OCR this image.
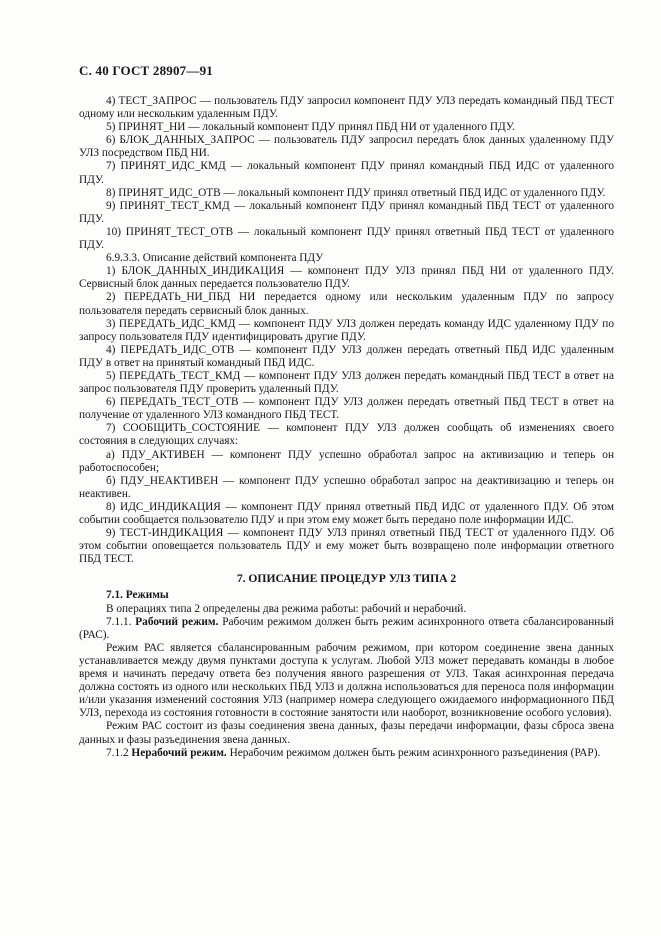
С. 40 ГОСТ 28907—91

4) ТЕСТ_ЗАПРОС — пользователь ПДУ запросил компонент ПДУ УЛЗ передать командный ПБД ТЕСТ одному или нескольким удаленным ПДУ.

5) ПРИНЯТ_НИ — локальный компонент ПДУ принял ПБД НИ от удаленного ПДУ.

6) БЛОК_ДАННЫХ_ЗАПРОС — пользователь ПДУ запросил передать блок данных удаленному ПДУ УЛЗ посредством ПБД НИ.

7) ПРИНЯТ_ИДС_КМД — локальный компонент ПДУ принял командный ПБД ИДС от удаленного ПДУ.

8) ПРИНЯТ_ИДС_ОТВ — локальный компонент ПДУ принял ответный ПБД ИДС от удаленного ПДУ.

9) ПРИНЯТ_ТЕСТ_КМД — локальный компонент ПДУ принял командный ПБД ТЕСТ от удаленного ПДУ.

10) ПРИНЯТ_ТЕСТ_ОТВ — локальный компонент ПДУ принял ответный ПБД ТЕСТ от удаленного ПДУ.

6.9.3.3. Описание действий компонента ПДУ

1) БЛОК_ДАННЫХ_ИНДИКАЦИЯ — компонент ПДУ УЛЗ принял ПБД НИ от удаленного ПДУ. Сервисный блок данных передается пользователю ПДУ.

2) ПЕРЕДАТЬ_НИ_ПБД НИ передается одному или нескольким удаленным ПДУ по запросу пользователя передать сервисный блок данных.

3) ПЕРЕДАТЬ_ИДС_КМД — компонент ПДУ УЛЗ должен передать команду ИДС удаленному ПДУ по запросу пользователя ПДУ идентифицировать другие ПДУ.

4) ПЕРЕДАТЬ_ИДС_ОТВ — компонент ПДУ УЛЗ должен передать ответный ПБД ИДС удаленным ПДУ в ответ на принятый командный ПБД ИДС.

5) ПЕРЕДАТЬ_ТЕСТ_КМД — компонент ПДУ УЛЗ должен передать командный ПБД ТЕСТ в ответ на запрос пользователя ПДУ проверить удаленный ПДУ.

6) ПЕРЕДАТЬ_ТЕСТ_ОТВ — компонент ПДУ УЛЗ должен передать ответный ПБД ТЕСТ в ответ на получение от удаленного УЛЗ командного ПБД ТЕСТ.

7) СООБЩИТЬ_СОСТОЯНИЕ — компонент ПДУ УЛЗ должен сообщать об изменениях своего состояния в следующих случаях:

а) ПДУ_АКТИВЕН — компонент ПДУ успешно обработал запрос на активизацию и теперь он работоспособен;

б) ПДУ_НЕАКТИВЕН — компонент ПДУ успешно обработал запрос на деактивизацию и теперь он неактивен.

8) ИДС_ИНДИКАЦИЯ — компонент ПДУ принял ответный ПБД ИДС от удаленного ПДУ. Об этом событии сообщается пользователю ПДУ и при этом ему может быть передано поле информации ИДС.

9) ТЕСТ-ИНДИКАЦИЯ — компонент ПДУ УЛЗ принял ответный ПБД ТЕСТ от удаленного ПДУ. Об этом событии оповещается пользователь ПДУ и ему может быть возвращено поле информации ответного ПБД ТЕСТ.

7. ОПИСАНИЕ ПРОЦЕДУР УЛЗ ТИПА 2

7.1. Режимы

В операциях типа 2 определены два режима работы: рабочий и нерабочий.

7.1.1. Рабочий режим. Рабочим режимом должен быть режим асинхронного ответа сбалансированный (РАС).

Режим РАС является сбалансированным рабочим режимом, при котором соединение звена данных устанавливается между двумя пунктами доступа к услугам. Любой УЛЗ может передавать команды в любое время и начинать передачу ответа без получения явного разрешения от УЛЗ. Такая асинхронная передача должна состоять из одного или нескольких ПБД УЛЗ и должна использоваться для переноса поля информации и/или указания изменений состояния УЛЗ (например номера следующего ожидаемого информационного ПБД УЛЗ, перехода из состояния готовности в состояние занятости или наоборот, возникновение особого условия).

Режим РАС состоит из фазы соединения звена данных, фазы передачи информации, фазы сброса звена данных и фазы разъединения звена данных.

7.1.2 Нерабочий режим. Нерабочим режимом должен быть режим асинхронного разъединения (РАР).
